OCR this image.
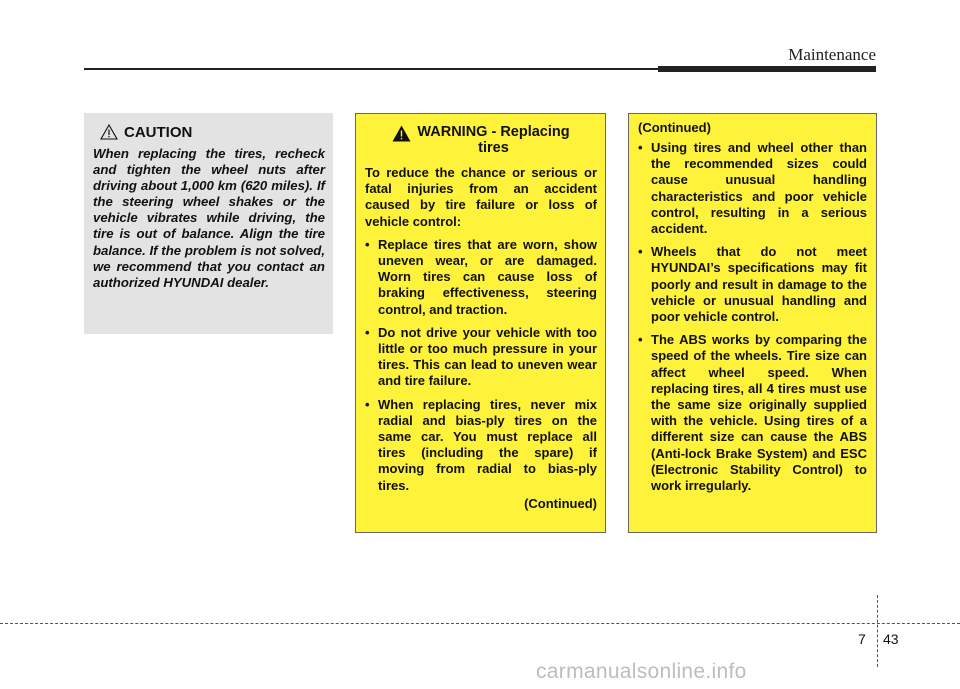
Maintenance
CAUTION
When replacing the tires, recheck and tighten the wheel nuts after driving about 1,000 km (620 miles). If the steering wheel shakes or the vehicle vibrates while driving, the tire is out of balance. Align the tire balance. If the problem is not solved, we recommend that you contact an authorized HYUNDAI dealer.
WARNING - Replacing
tires

To reduce the chance or serious or fatal injuries from an accident caused by tire failure or loss of vehicle control:

• Replace tires that are worn, show uneven wear, or are damaged. Worn tires can cause loss of braking effectiveness, steering control, and traction.
• Do not drive your vehicle with too little or too much pressure in your tires. This can lead to uneven wear and tire failure.
• When replacing tires, never mix radial and bias-ply tires on the same car. You must replace all tires (including the spare) if moving from radial to bias-ply tires.
(Continued)
(Continued)
• Using tires and wheel other than the recommended sizes could cause unusual handling characteristics and poor vehicle control, resulting in a serious accident.
• Wheels that do not meet HYUNDAI’s specifications may fit poorly and result in damage to the vehicle or unusual handling and poor vehicle control.
• The ABS works by comparing the speed of the wheels. Tire size can affect wheel speed. When replacing tires, all 4 tires must use the same size originally supplied with the vehicle. Using tires of a different size can cause the ABS (Anti-lock Brake System) and ESC (Electronic Stability Control) to work irregularly.
7 43
carmanualsonline.info
